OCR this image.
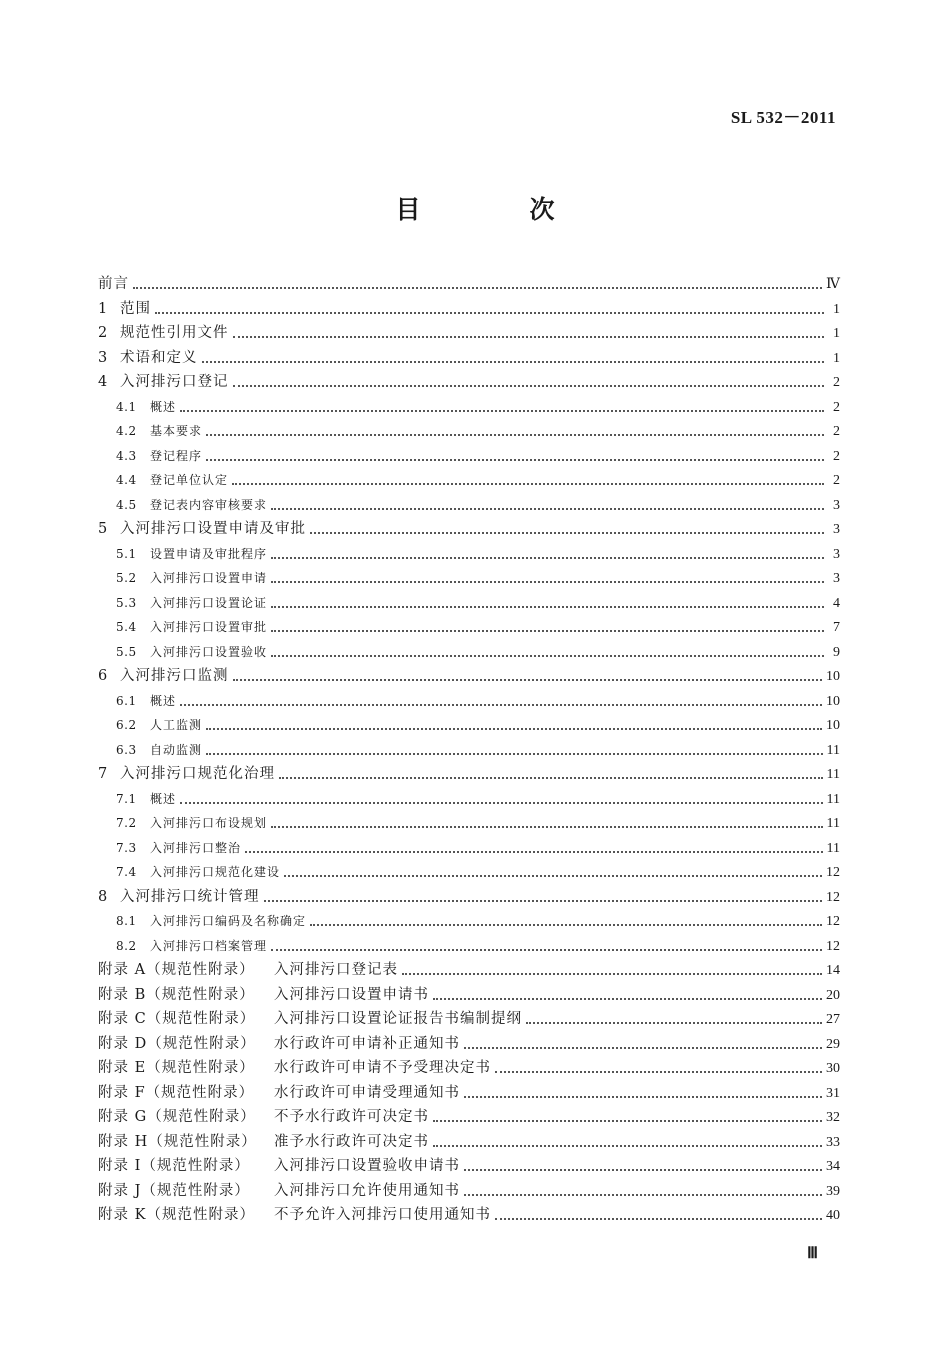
SL 532－2011
目　次
前言	Ⅳ
1 范围	1
2 规范性引用文件	1
3 术语和定义	1
4 入河排污口登记	2
4.1	概述	2
4.2	基本要求	2
4.3	登记程序	2
4.4	登记单位认定	2
4.5	登记表内容审核要求	3
5 入河排污口设置申请及审批	3
5.1	设置申请及审批程序	3
5.2	入河排污口设置申请	3
5.3	入河排污口设置论证	4
5.4	入河排污口设置审批	7
5.5	入河排污口设置验收	9
6 入河排污口监测	10
6.1	概述	10
6.2	人工监测	10
6.3	自动监测	11
7 入河排污口规范化治理	11
7.1	概述	11
7.2	入河排污口布设规划	11
7.3	入河排污口整治	11
7.4	入河排污口规范化建设	12
8 入河排污口统计管理	12
8.1	入河排污口编码及名称确定	12
8.2	入河排污口档案管理	12
附录 A（规范性附录）	入河排污口登记表	14
附录 B（规范性附录）	入河排污口设置申请书	20
附录 C（规范性附录）	入河排污口设置论证报告书编制提纲	27
附录 D（规范性附录）	水行政许可申请补正通知书	29
附录 E（规范性附录）	水行政许可申请不予受理决定书	30
附录 F（规范性附录）	水行政许可申请受理通知书	31
附录 G（规范性附录）	不予水行政许可决定书	32
附录 H（规范性附录）	准予水行政许可决定书	33
附录 I（规范性附录）	入河排污口设置验收申请书	34
附录 J（规范性附录）	入河排污口允许使用通知书	39
附录 K（规范性附录）	不予允许入河排污口使用通知书	40
Ⅲ
